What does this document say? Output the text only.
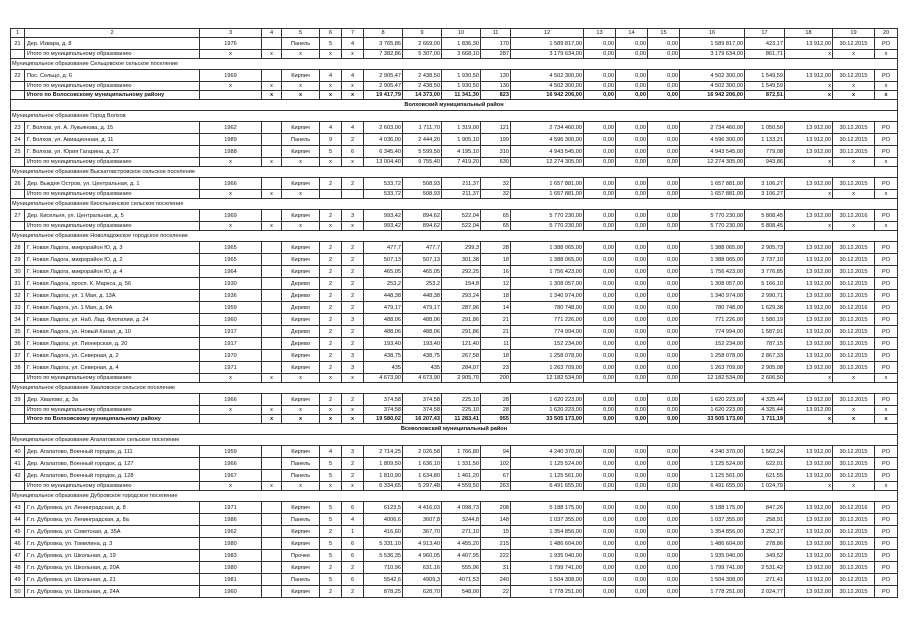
1	2	3	4	5	6	7	8	9	10	11	12	13	14	15	16	17	18	19	20
21	Дер. Извара, д. 8	1976		Панель	5	4	3 765,86	2 669,00	1 836,30	170	1 589 817,00	0,00	0,00	0,00	1 589 817,00	423,17	13 912,00	30.12.2015	РО
	Итого по муниципальному образованию	x	x	x	x	x	7 382,86	5 307,00	3 668,10	287	3 179 634,00	0,00	0,00	0,00	3 179 634,00	861,71	x	x	x
Муниципальное образование Сельцовское сельское поселение																			
22	Пос. Сельцо, д. 6	1969		Кирпич	4	4	2 905,47	2 438,50	1 930,50	130	4 502 300,00	0,00	0,00	0,00	4 502 300,00	1 549,59	13 912,00	30.12.2015	РО
	Итого по муниципальному образованию	x	x	x	x	x	2 905,47	2 438,50	1 930,50	130	4 502 300,00	0,00	0,00	0,00	4 502 300,00	1 549,59	x	x	x
	Итого по Волосовскому муниципальному району		x	x	x	x	19 417,79	14 373,00	11 341,30	823	16 942 206,00	0,00	0,00	0,00	16 942 206,00	872,51	x	x	x
Волховский муниципальный район																			
Муниципальное образование Город Волхов																			
23	Г. Волхов, ул. А. Лукьянова, д. 15	1962		Кирпич	4	4	2 603,00	1 711,70	1 319,00	121	2 734 460,00	0,00	0,00	0,00	2 734 460,00	1 050,50	13 912,00	30.12.2015	РО
24	Г. Волхов, ул. Авиационная, д. 11	1989		Панель	9	2	4 036,00	2 444,20	1 905,10	199	4 596 300,00	0,00	0,00	0,00	4 596 300,00	1 133,21	13 912,00	30.12.2015	РО
25	Г. Волхов, ул. Юрия Гагарина, д. 27	1988		Кирпич	5	6	6 345,40	5 599,50	4 195,10	310	4 943 545,00	0,00	0,00	0,00	4 943 545,00	779,08	13 912,00	30.12.2015	РО
	Итого по муниципальному образованию	x	x	x	x	x	13 004,40	9 755,40	7 419,20	630	12 274 305,00	0,00	0,00	0,00	12 274 305,00	943,86	x	x	x
Муниципальное образование Выскатовстровское сельское поселение																			
26	Дер. Выкдня Остров, ул. Центральная, д. 1	1966		Кирпич	2	2	533,72	508,93	211,37	32	1 657 881,00	0,00	0,00	0,00	1 657 881,00	3 106,27	13 912,00	30.12.2015	РО
	Итого по муниципальному образованию	x	x	x			533,72	508,93	211,37	32	1 657 881,00	0,00	0,00	0,00	1 657 881,00	3 106,27	x	x	x
Муниципальное образование Кисельнинское сельское поселение																			
27	Дер. Кисельня, ул. Центральная, д. 5	1969		Кирпич	2	3	993,42	894,62	522,04	65	5 770 230,00	0,00	0,00	0,00	5 770 230,00	5 808,45	13 912,00	30.12.2016	РО
	Итого по муниципальному образованию	x	x	x	x	x	993,42	894,62	522,04	65	5 770 230,00	0,00	0,00	0,00	5 770 230,00	5 808,45	x	x	x
Муниципальное образование Новоладожское городское поселение																			
28	Г. Новая Ладога, микрорайон Ю, д. 3	1965		Кирпич	2	2	477,7	477,7	299,3	28	1 388 065,00	0,00	0,00	0,00	1 388 065,00	2 905,73	13 912,00	30.12.2015	РО
29	Г. Новая Ладога, микрорайон Ю, д. 2	1965		Кирпич	2	2	507,13	507,13	301,38	18	1 388 065,00	0,00	0,00	0,00	1 388 065,00	2 737,10	13 912,00	30.12.2015	РО
30	Г. Новая Ладога, микрорайон Ю, д. 4	1964		Кирпич	2	2	465,05	465,05	292,25	16	1 756 423,00	0,00	0,00	0,00	1 756 423,00	3 776,85	13 912,00	30.12.2015	РО
31	Г. Новая Ладога, просп. К. Маркса, д. 56	1930		Дерево	2	2	253,2	253,2	154,8	12	1 308 057,00	0,00	0,00	0,00	1 308 057,00	5 166,10	13 912,00	30.12.2015	РО
32	Г. Новая Ладога, ул. 1 Мая, д. 13А	1936		Дерево	2	2	448,38	448,38	293,24	18	1 340 974,00	0,00	0,00	0,00	1 340 974,00	2 990,71	13 912,00	30.12.2015	РО
33	Г. Новая Ладога, ул. 1 Мая, д. 9А	1959		Дерево	2	2	479,17	479,17	287,96	14	780 748,00	0,00	0,00	0,00	780 748,00	1 629,38	13 912,00	30.12.2016	РО
34	Г. Новая Ладога, ул. Наб. Лад. Флотилии, д. 24	1960		Кирпич	2	3	488,06	488,06	291,86	21	771 226,00	0,00	0,00	0,00	771 226,00	1 580,19	13 912,00	30.12.2015	РО
35	Г. Новая Ладога, ул. Новый Канал, д. 10	1917		Дерево	2	2	488,06	488,06	291,86	21	774 994,00	0,00	0,00	0,00	774 994,00	1 587,91	13 912,00	30.12.2015	РО
36	Г. Новая Ладога, ул. Пионерская, д. 20	1917		Дерево	2	2	193,40	193,40	121,40	11	152 234,00	0,00	0,00	0,00	152 234,00	787,15	13 912,00	30.12.2015	РО
37	Г. Новая Ладога, ул. Северная, д. 2	1970		Кирпич	2	3	438,75	438,75	267,58	18	1 258 078,00	0,00	0,00	0,00	1 258 078,00	2 867,33	13 912,00	30.12.2015	РО
38	Г. Новая Ладога, ул. Северная, д. 4	1971		Кирпич	2	3	435	435	284,07	23	1 263 709,00	0,00	0,00	0,00	1 263 709,00	2 905,08	13 912,00	30.12.2015	РО
	Итого по муниципальному образованию	x	x	x	x	x	4 673,90	4 673,90	2 905,70	200	12 182 534,00	0,00	0,00	0,00	12 182 534,00	2 606,50	x	x	x
Муниципальное образование Хваловское сельское поселение																			
39	Дер. Хвалово, д. 3а	1966		Кирпич	2	2	374,58	374,58	225,10	28	1 620 223,00	0,00	0,00	0,00	1 620 223,00	4 325,44	13 912,00	30.12.2015	РО
	Итого по муниципальному образованию	x	x	x	x	x	374,58	374,58	225,10	28	1 620 223,00	0,00	0,00	0,00	1 620 223,00	4 325,44	13 912,00	x	x
	Итого по Волховскому муниципальному району		x	x	x	x	19 580,02	16 207,43	11 283,41	955	33 505 173,00	0,00	0,00	0,00	33 505 173,00	1 711,19	x	x	x
Всеволожский муниципальный район																			
Муниципальное образование Агалатовское сельское поселение																			
40	Дер. Агалатово, Военный городок, д. 111	1959		Кирпич	4	3	2 714,25	2 026,58	1 766,80	94	4 240 370,00	0,00	0,00	0,00	4 240 370,00	1 562,24	13 912,00	30.12.2015	РО
41	Дер. Агалатово, Военный городок, д. 127	1966		Панель	5	2	1 809,50	1 636,10	1 331,50	102	1 125 524,00	0,00	0,00	0,00	1 125 524,00	622,01	13 912,00	30.12.2015	РО
42	Дер. Агалатово, Военный городок, д. 128	1967		Панель	5	2	1 810,90	1 634,80	1 461,20	67	1 125 561,00	0,00	0,00	0,00	1 125 561,00	621,55	13 912,00	30.12.2015	РО
	Итого по муниципальному образованию	x	x	x	x	x	6 334,65	5 297,48	4 559,50	263	6 491 655,00	0,00	0,00	0,00	6 491 655,00	1 024,79	x	x	x
Муниципальное образование Дубровское городское поселение																			
43	Г.п. Дубровка, ул. Ленинградская, д. 8	1971		Кирпич	5	6	6123,5	4 416,03	4 098,73	208	5 188 175,00	0,00	0,00	0,00	5 188 175,00	847,26	13 912,00	30.12.2016	РО
44	Г.п. Дубровка, ул. Ленинградская, д. 8а	1986		Панель	5	4	4006,6	3607,8	3244,8	148	1 037 355,00	0,00	0,00	0,00	1 037 355,00	258,91	13 912,00	30.12.2015	РО
45	Г.п. Дубровка, ул. Советская, д. 35А	1962		Кирпич	2	1	416,60	367,70	271,10	15	1 354 856,00	0,00	0,00	0,00	1 354 856,00	3 252,17	13 912,00	30.12.2015	РО
46	Г.п. Дубровка, ул. Томилина, д. 3	1980		Кирпич	5	6	5 331,10	4 913,40	4 455,20	215	1 486 604,00	0,00	0,00	0,00	1 486 604,00	278,86	13 912,00	30.12.2015	РО
47	Г.п. Дубровка, ул. Школьная, д. 19	1983		Прочее	5	6	5 536,35	4 960,05	4 407,95	222	1 935 040,00	0,00	0,00	0,00	1 935 040,00	349,52	13 912,00	30.12.2015	РО
48	Г.п. Дубровка, ул. Школьная, д. 20А	1980		Кирпич	2	2	710,96	631,16	555,96	31	1 799 741,00	0,00	0,00	0,00	1 799 741,00	2 531,42	13 912,00	30.12.2015	РО
49	Г.п. Дубровка, ул. Школьная, д. 21	1981		Панель	5	6	5542,6	4909,3	4071,53	240	1 504 308,00	0,00	0,00	0,00	1 504 308,00	271,41	13 912,00	30.12.2015	РО
50	Г.п. Дубровка, ул. Школьная, д. 24А	1960		Кирпич	2	2	878,25	628,70	548,00	22	1 778 251,00	0,00	0,00	0,00	1 778 251,00	2 024,77	13 912,00	30.12.2015	РО
